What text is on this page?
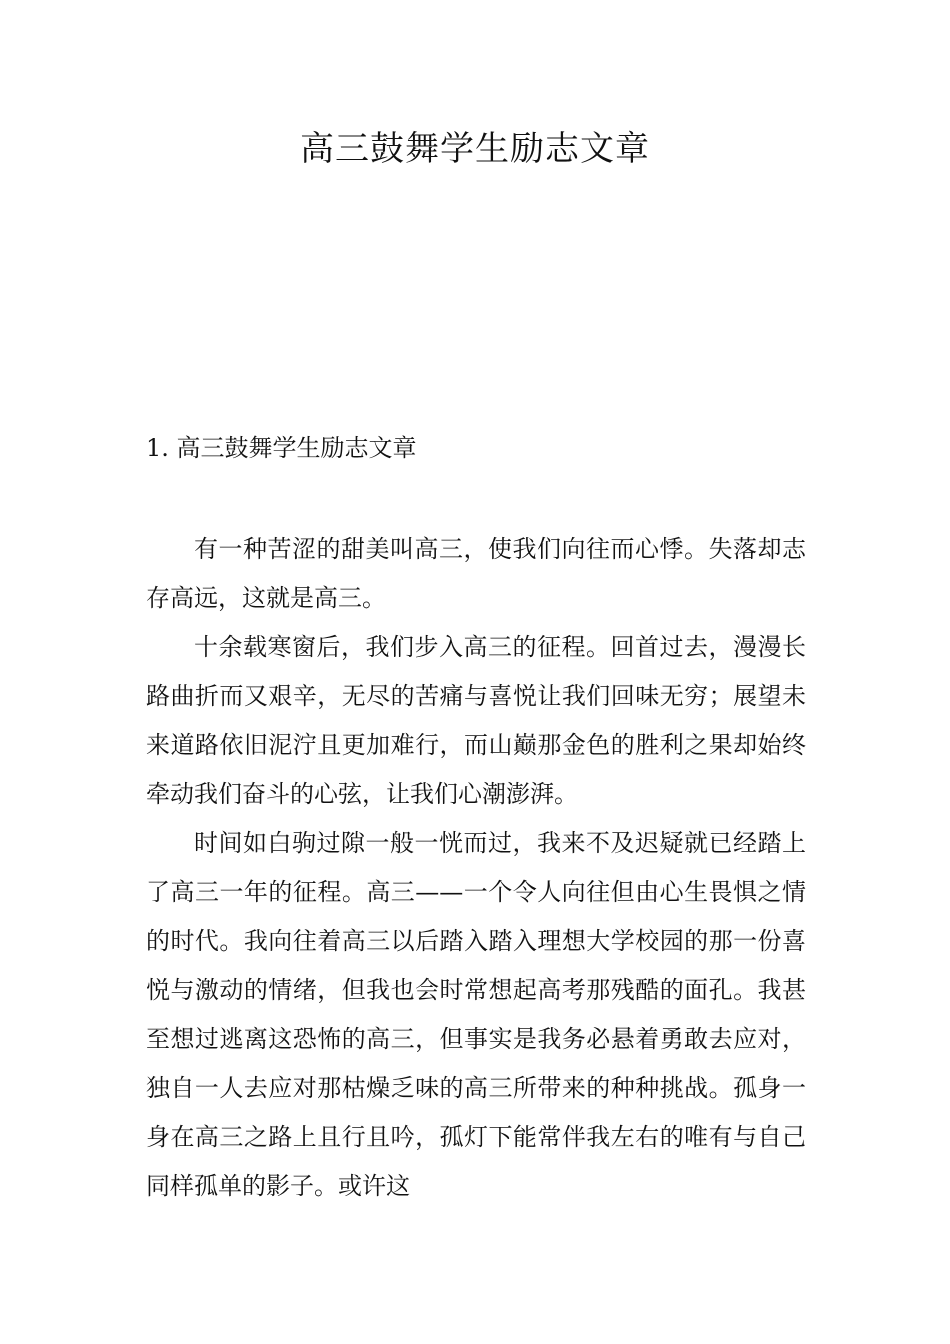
高三鼓舞学生励志文章
1. 高三鼓舞学生励志文章

有一种苦涩的甜美叫高三，使我们向往而心悸。失落却志存高远，这就是高三。

十余载寒窗后，我们步入高三的征程。回首过去，漫漫长路曲折而又艰辛，无尽的苦痛与喜悦让我们回味无穷；展望未来道路依旧泥泞且更加难行，而山巅那金色的胜利之果却始终牵动我们奋斗的心弦，让我们心潮澎湃。

时间如白驹过隙一般一恍而过，我来不及迟疑就已经踏上了高三一年的征程。高三——一个令人向往但由心生畏惧之情的时代。我向往着高三以后踏入踏入理想大学校园的那一份喜悦与激动的情绪，但我也会时常想起高考那残酷的面孔。我甚至想过逃离这恐怖的高三，但事实是我务必悬着勇敢去应对，独自一人去应对那枯燥乏味的高三所带来的种种挑战。孤身一身在高三之路上且行且吟，孤灯下能常伴我左右的唯有与自己同样孤单的影子。或许这
